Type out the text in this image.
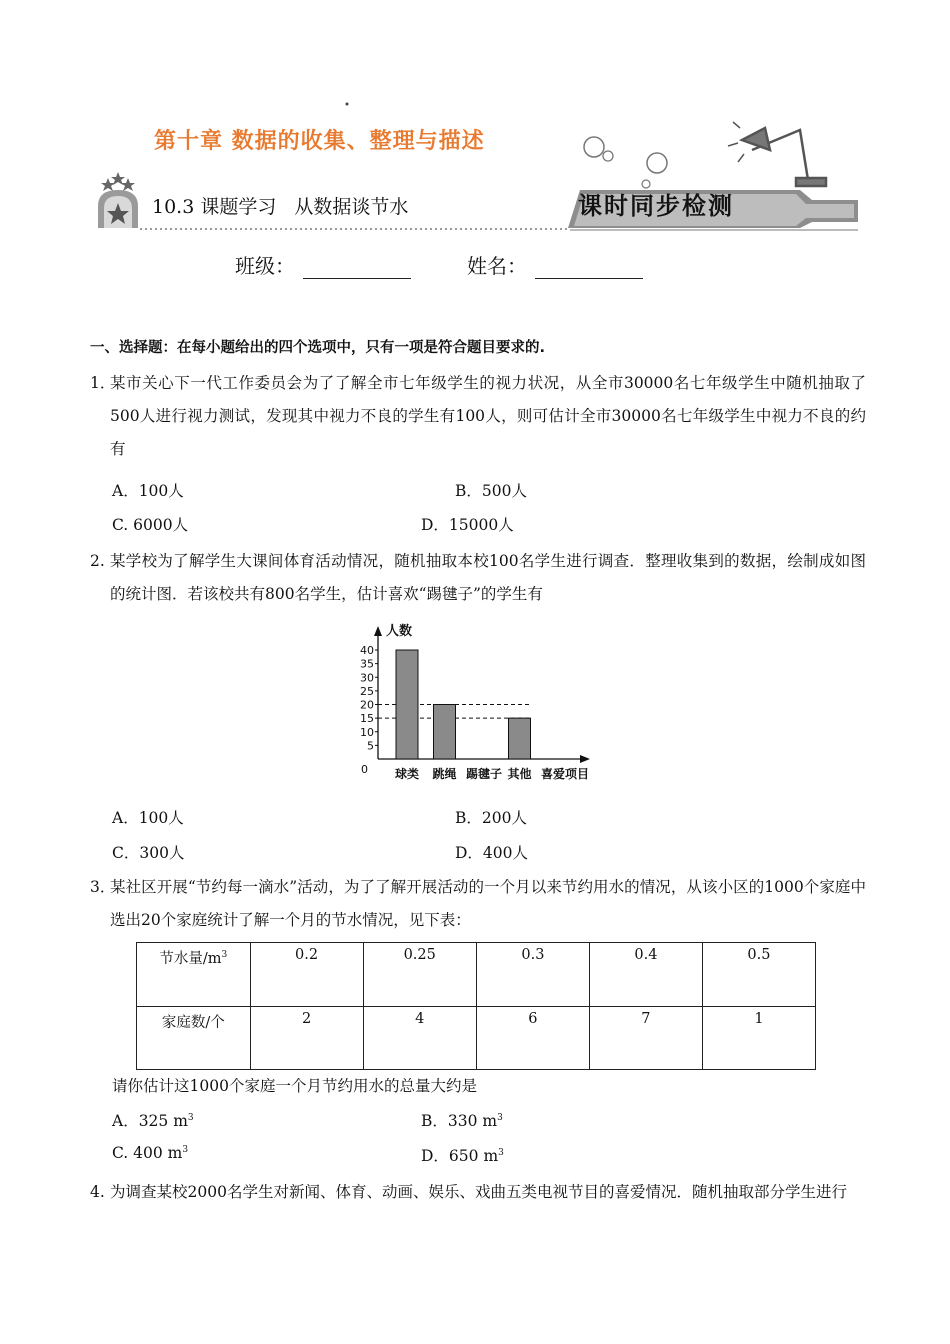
第十章 数据的收集、整理与描述
10.3 课题学习 从数据谈节水	课时同步检测
班级：	姓名：
一、选择题：在每小题给出的四个选项中，只有一项是符合题目要求的.
1．
某市关心下一代工作委员会为了了解全市七年级学生的视力状况，从全市30000名七年级学生中随机抽取了500人进行视力测试，发现其中视力不良的学生有100人，则可估计全市30000名七年级学生中视力不良的约有
A．100人	B．500人
C. 6000人	D．15000人
2. 某学校为了解学生大课间体育活动情况，随机抽取本校100名学生进行调查．整理收集到的数据，绘制成如图的统计图．若该校共有800名学生，估计喜欢“踢毽子”的学生有
人数
喜爱项目
0
5
10
15
20
25
30
35
40
球类 跳绳 踢毽子 其他
A．100人	B．200人
C．300人	D．400人
3．
某社区开展“节约每一滴水”活动，为了了解开展活动的一个月以来节约用水的情况，从该小区的1000个家庭中选出20个家庭统计了解一个月的节水情况，见下表：
节水量$/m^3$	0.2	0.25	0.3	0.4	0.5
家庭数/个	2	4	6	7	1
请你估计这1000个家庭一个月节约用水的总量大约是
A．325 $m^3$	B．330 $m^3$
C. 400 $m^3$	D．650 $m^3$
4. 为调查某校2000名学生对新闻、体育、动画、娱乐、戏曲五类电视节目的喜爱情况．随机抽取部分学生进行
